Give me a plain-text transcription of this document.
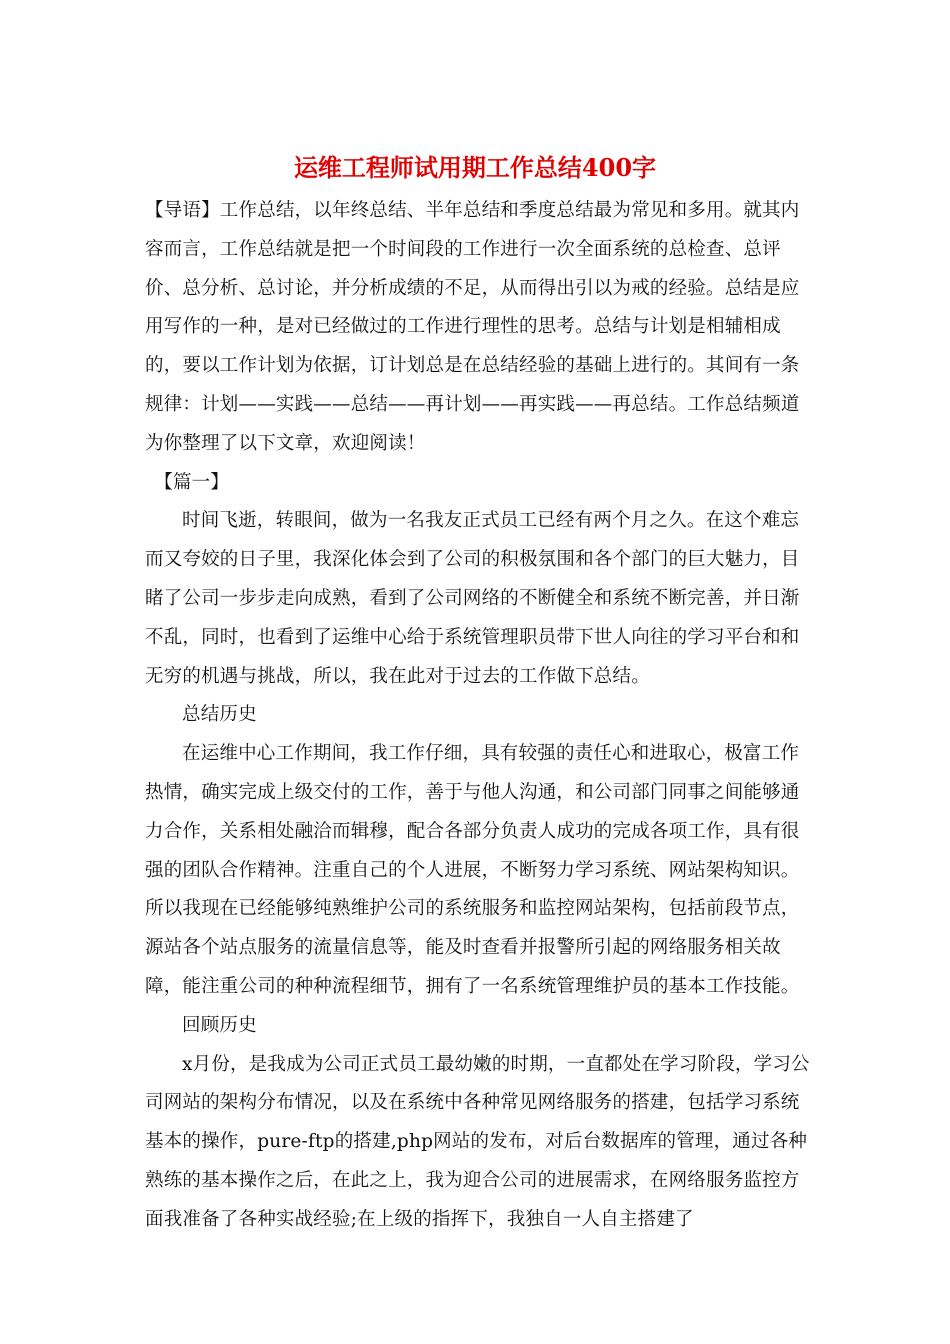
运维工程师试用期工作总结400字

【导语】工作总结，以年终总结、半年总结和季度总结最为常见和多用。就其内容而言，工作总结就是把一个时间段的工作进行一次全面系统的总检查、总评价、总分析、总讨论，并分析成绩的不足，从而得出引以为戒的经验。总结是应用写作的一种，是对已经做过的工作进行理性的思考。总结与计划是相辅相成的，要以工作计划为依据，订计划总是在总结经验的基础上进行的。其间有一条规律：计划——实践——总结——再计划——再实践——再总结。工作总结频道为你整理了以下文章，欢迎阅读！

【篇一】

时间飞逝，转眼间，做为一名我友正式员工已经有两个月之久。在这个难忘而又夸姣的日子里，我深化体会到了公司的积极氛围和各个部门的巨大魅力，目睹了公司一步步走向成熟，看到了公司网络的不断健全和系统不断完善，并日渐不乱，同时，也看到了运维中心给于系统管理职员带下世人向往的学习平台和和无穷的机遇与挑战，所以，我在此对于过去的工作做下总结。

总结历史

在运维中心工作期间，我工作仔细，具有较强的责任心和进取心，极富工作热情，确实完成上级交付的工作，善于与他人沟通，和公司部门同事之间能够通力合作，关系相处融洽而辑穆，配合各部分负责人成功的完成各项工作，具有很强的团队合作精神。注重自己的个人进展，不断努力学习系统、网站架构知识。所以我现在已经能够纯熟维护公司的系统服务和监控网站架构，包括前段节点，源站各个站点服务的流量信息等，能及时查看并报警所引起的网络服务相关故障，能注重公司的种种流程细节，拥有了一名系统管理维护员的基本工作技能。

回顾历史

x月份，是我成为公司正式员工最幼嫩的时期，一直都处在学习阶段，学习公司网站的架构分布情况，以及在系统中各种常见网络服务的搭建，包括学习系统基本的操作，pure-ftp的搭建,php网站的发布，对后台数据库的管理，通过各种熟练的基本操作之后，在此之上，我为迎合公司的进展需求，在网络服务监控方面我准备了各种实战经验;在上级的指挥下，我独自一人自主搭建了
